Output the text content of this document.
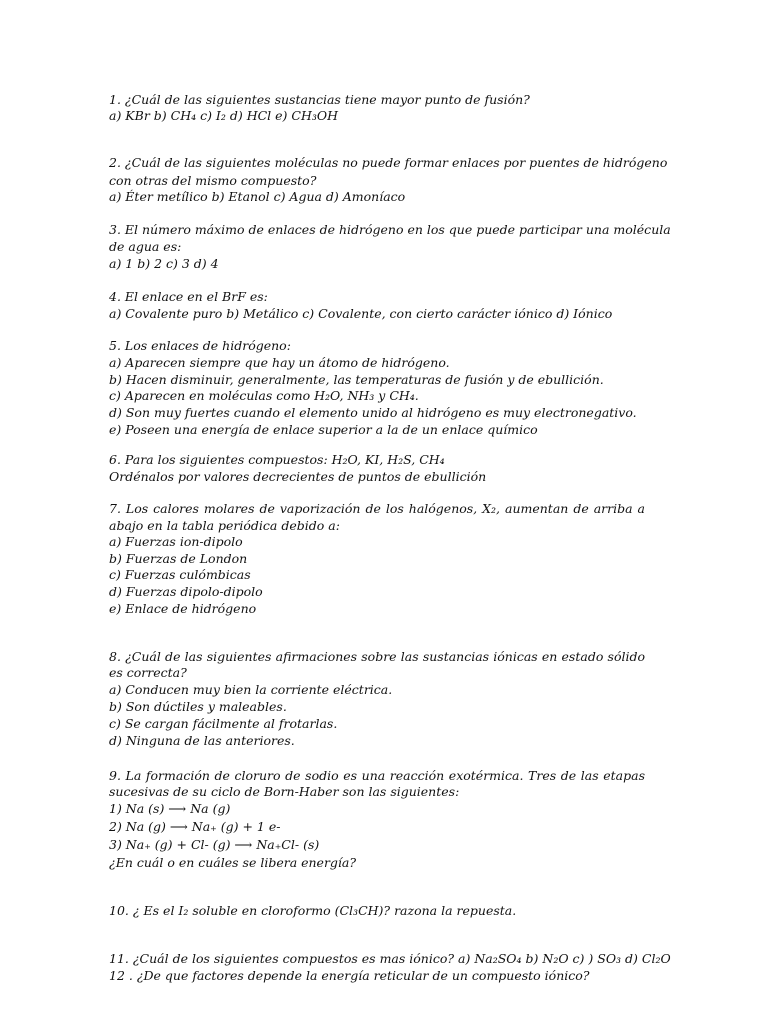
1. ¿Cuál de las siguientes sustancias tiene mayor punto de fusión?
a) KBr b) CH₄ c) I₂ d) HCl e) CH₃OH
2. ¿Cuál de las siguientes moléculas no puede formar enlaces por puentes de hidrógeno
con otras del mismo compuesto?
a) Éter metílico b) Etanol c) Agua d) Amoníaco
3. El número máximo de enlaces de hidrógeno en los que puede participar una molécula
de agua es:
a) 1 b) 2 c) 3 d) 4
4. El enlace en el BrF es:
a) Covalente puro b) Metálico c) Covalente, con cierto carácter iónico d) Iónico
5. Los enlaces de hidrógeno:
a) Aparecen siempre que hay un átomo de hidrógeno.
b) Hacen disminuir, generalmente, las temperaturas de fusión y de ebullición.
c) Aparecen en moléculas como H₂O, NH₃ y CH₄.
d) Son muy fuertes cuando el elemento unido al hidrógeno es muy electronegativo.
e) Poseen una energía de enlace superior a la de un enlace químico
6. Para los siguientes compuestos: H₂O, KI, H₂S, CH₄
Ordénalos por valores decrecientes de puntos de ebullición
7. Los calores molares de vaporización de los halógenos, X₂, aumentan de arriba a
abajo en la tabla periódica debido a:
a) Fuerzas ion-dipolo
b) Fuerzas de London
c) Fuerzas culómbicas
d) Fuerzas dipolo-dipolo
e) Enlace de hidrógeno
8. ¿Cuál de las siguientes afirmaciones sobre las sustancias iónicas en estado sólido
es correcta?
a) Conducen muy bien la corriente eléctrica.
b) Son dúctiles y maleables.
c) Se cargan fácilmente al frotarlas.
d) Ninguna de las anteriores.
9. La formación de cloruro de sodio es una reacción exotérmica. Tres de las etapas
sucesivas de su ciclo de Born-Haber son las siguientes:
1) Na (s) ⟶ Na (g)
2) Na (g) ⟶ Na₊ (g) + 1 e-
3) Na₊ (g) + Cl- (g) ⟶ Na₊Cl- (s)
¿En cuál o en cuáles se libera energía?
10. ¿ Es el I₂ soluble en cloroformo (Cl₃CH)? razona la repuesta.
11. ¿Cuál de los siguientes compuestos es mas iónico? a) Na₂SO₄ b) N₂O c) ) SO₃ d) Cl₂O
12 . ¿De que factores depende la energía reticular de un compuesto iónico?
